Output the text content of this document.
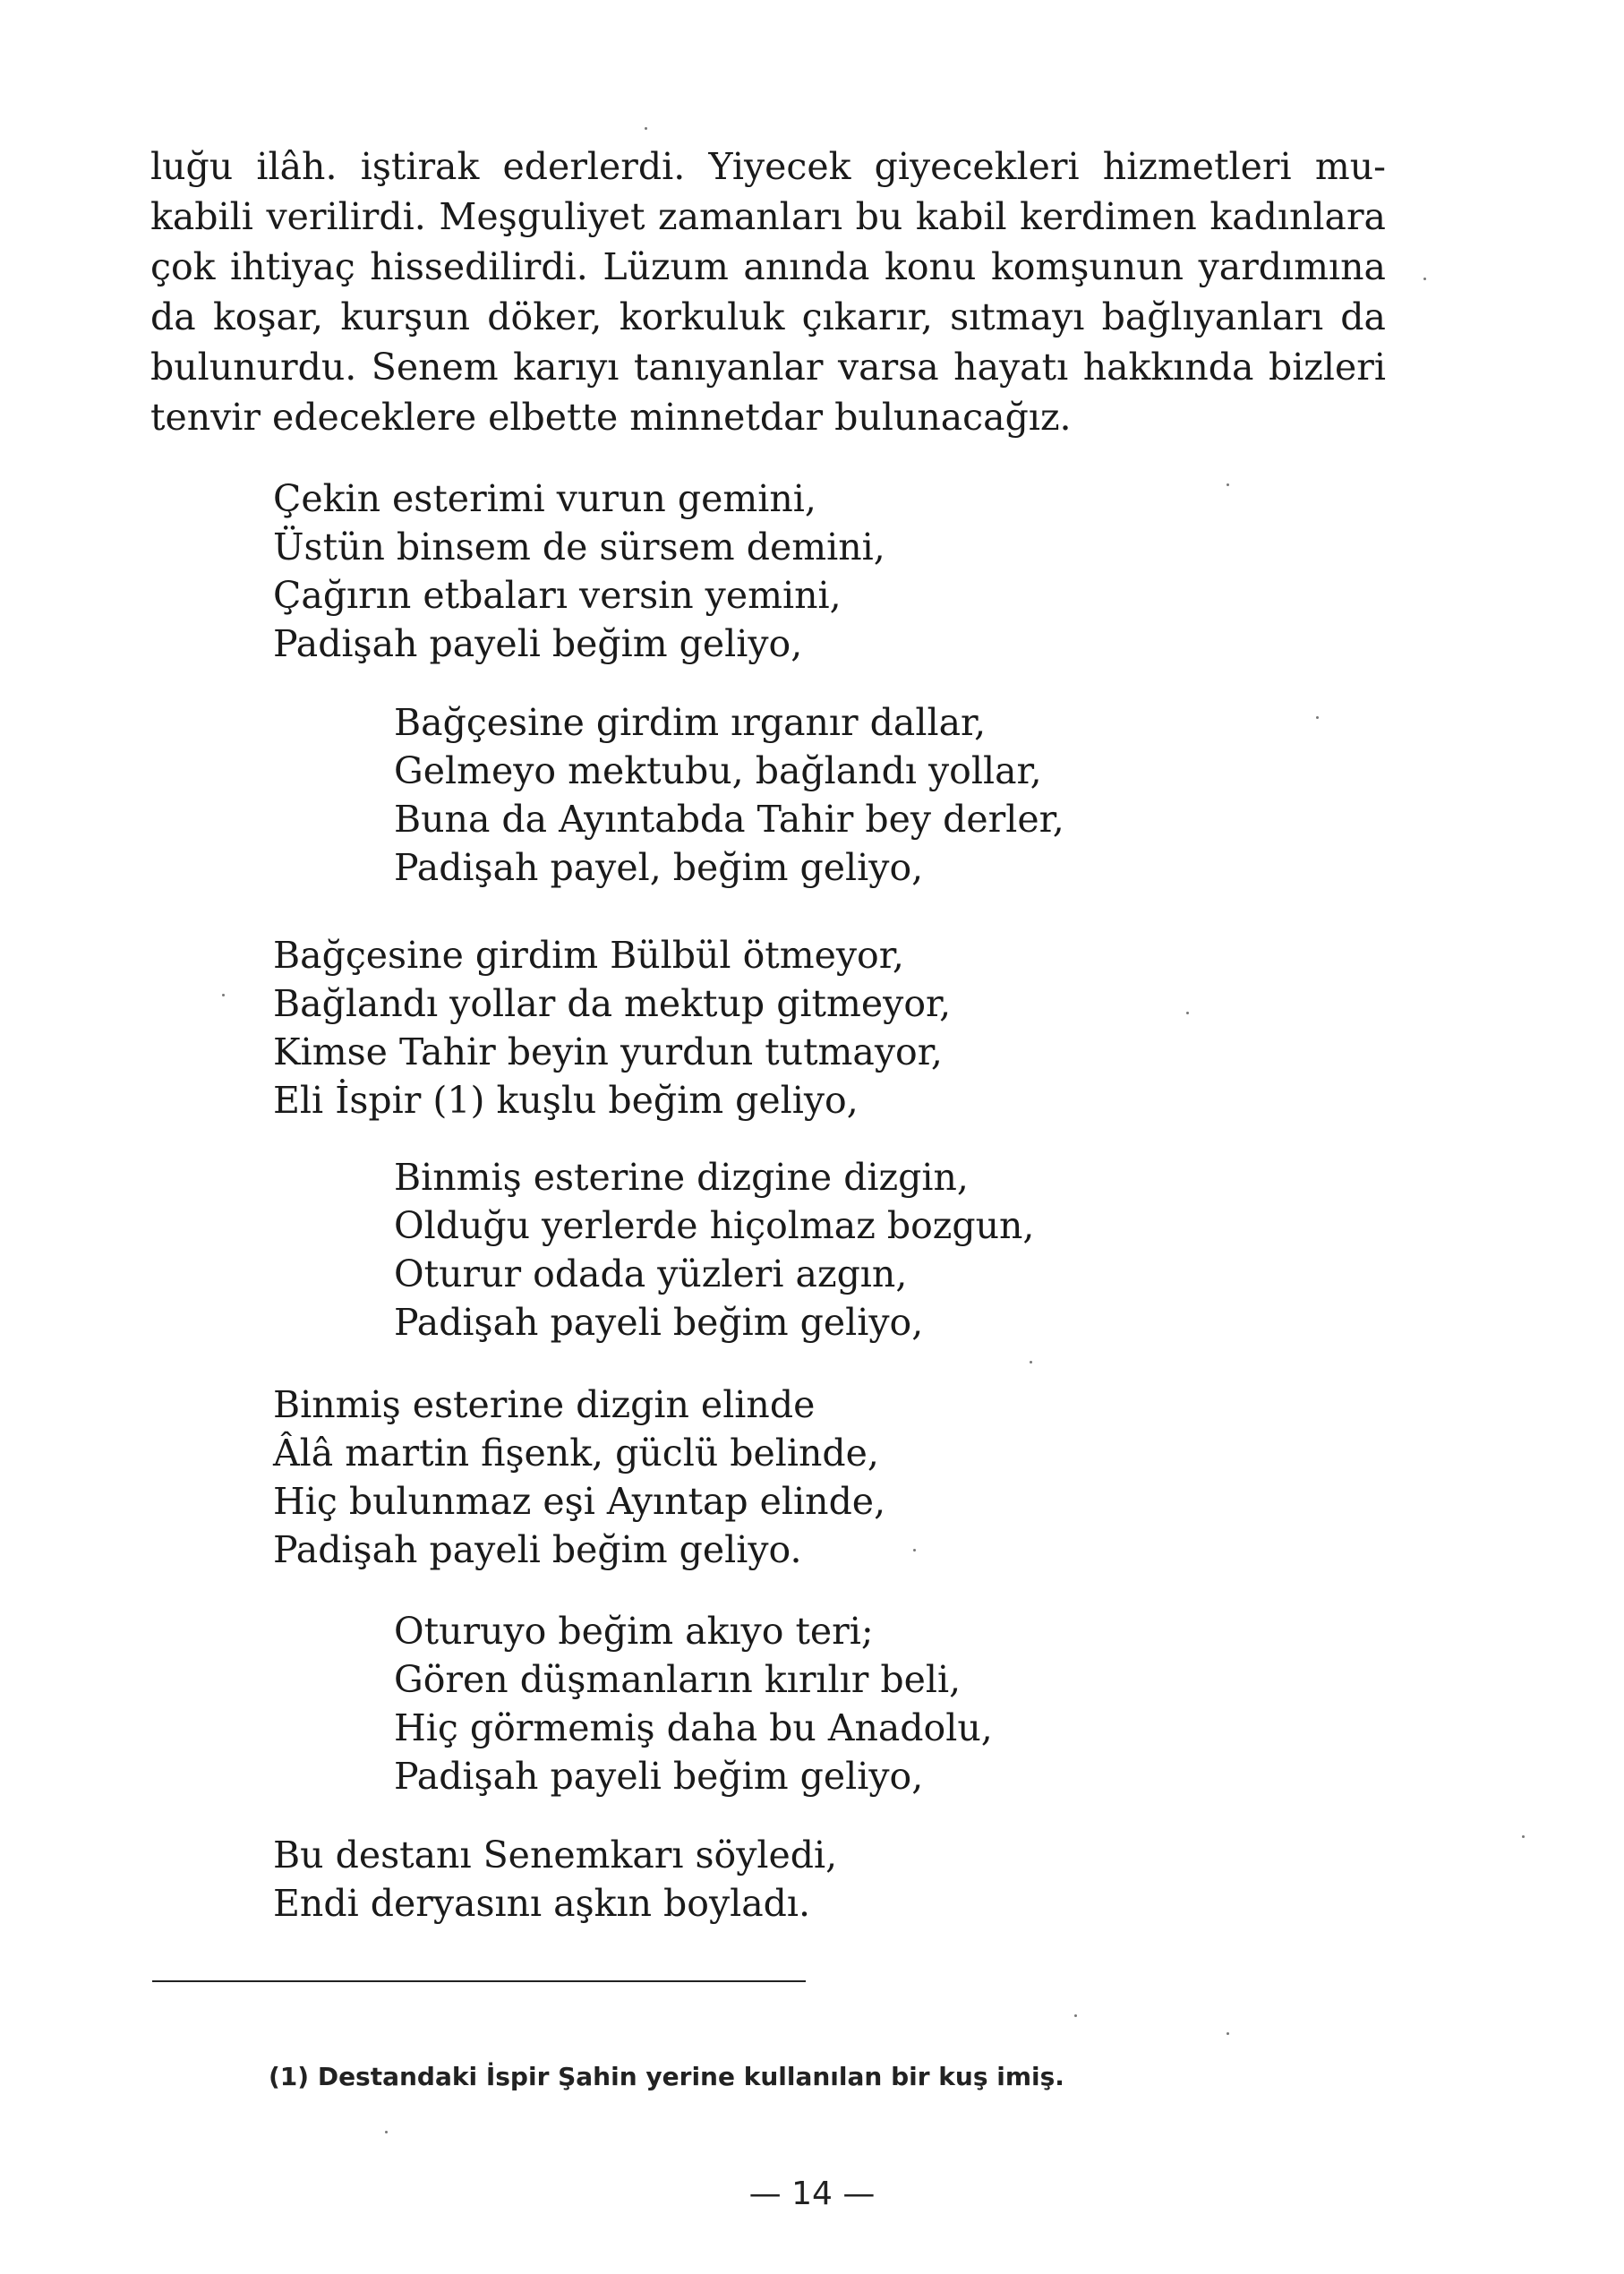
luğu ilâh. iştirak ederlerdi. Yiyecek giyecekleri hizmetleri mu-
kabili verilirdi. Meşguliyet zamanları bu kabil kerdimen kadınlara
çok ihtiyaç hissedilirdi. Lüzum anında konu komşunun yardımına
da koşar, kurşun döker, korkuluk çıkarır, sıtmayı bağlıyanları da
bulunurdu. Senem karıyı tanıyanlar varsa hayatı hakkında bizleri
tenvir edeceklere elbette minnetdar bulunacağız.
Çekin esterimi vurun gemini,
Üstün binsem de sürsem demini,
Çağırın etbaları versin yemini,
Padişah payeli beğim geliyo,
Bağçesine girdim ırganır dallar,
Gelmeyo mektubu, bağlandı yollar,
Buna da Ayıntabda Tahir bey derler,
Padişah payel, beğim geliyo,
Bağçesine girdim Bülbül ötmeyor,
Bağlandı yollar da mektup gitmeyor,
Kimse Tahir beyin yurdun tutmayor,
Eli İspir (1) kuşlu beğim geliyo,
Binmiş esterine dizgine dizgin,
Olduğu yerlerde hiçolmaz bozgun,
Oturur odada yüzleri azgın,
Padişah payeli beğim geliyo,
Binmiş esterine dizgin elinde
Âlâ martin fişenk, güclü belinde,
Hiç bulunmaz eşi Ayıntap elinde,
Padişah payeli beğim geliyo.
Oturuyo beğim akıyo teri;
Gören düşmanların kırılır beli,
Hiç görmemiş daha bu Anadolu,
Padişah payeli beğim geliyo,
Bu destanı Senemkarı söyledi,
Endi deryasını aşkın boyladı.
(1) Destandaki İspir Şahin yerine kullanılan bir kuş imiş.
— 14 —
